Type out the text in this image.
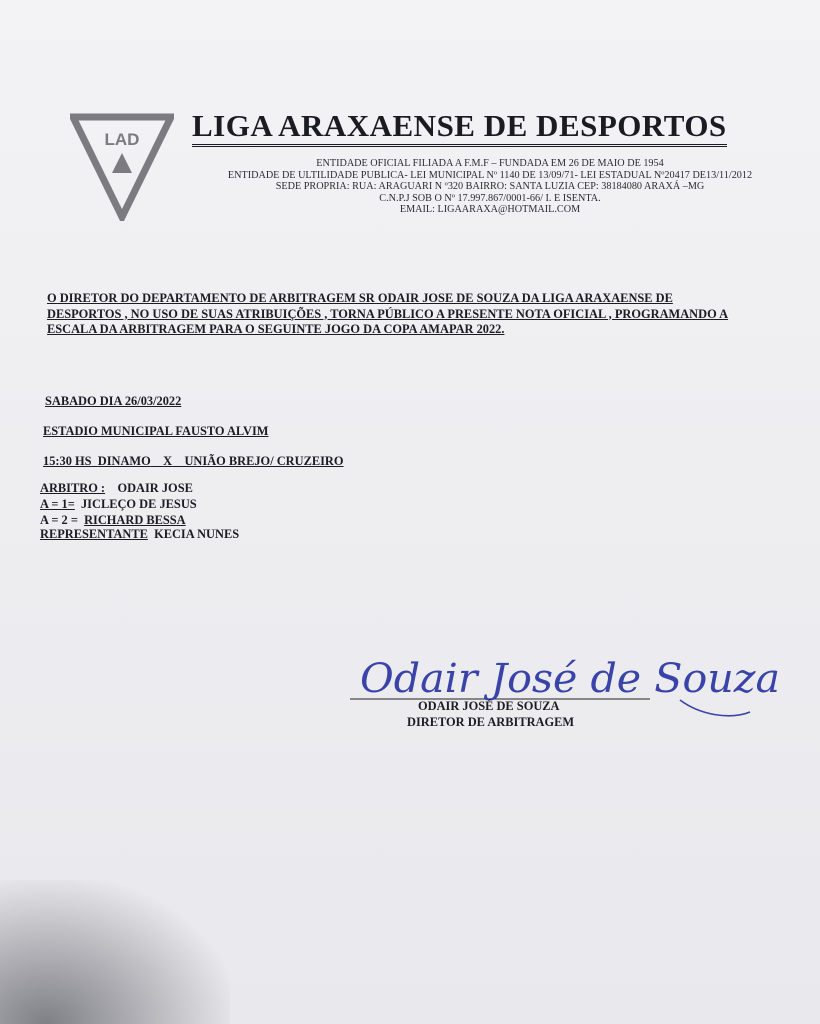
LAD LIGA ARAXAENSE DE DESPORTOS
ENTIDADE OFICIAL FILIADA A F.M.F – FUNDADA EM 26 DE MAIO DE 1954
ENTIDADE DE ULTILIDADE PUBLICA- LEI MUNICIPAL Nº 1140 DE 13/09/71- LEI ESTADUAL Nº20417 DE13/11/2012
SEDE PROPRIA: RUA: ARAGUARI N º320 BAIRRO: SANTA LUZIA CEP: 38184080 ARAXÁ –MG
C.N.P.J SOB O Nº 17.997.867/0001-66/ I. E ISENTA.
EMAIL: LIGAARAXA@HOTMAIL.COM
O DIRETOR DO DEPARTAMENTO DE ARBITRAGEM SR ODAIR JOSE DE SOUZA DA LIGA ARAXAENSE DE
DESPORTOS , NO USO DE SUAS ATRIBUIÇÕES , TORNA PÚBLICO A PRESENTE NOTA OFICIAL , PROGRAMANDO A
ESCALA DA ARBITRAGEM PARA O SEGUINTE JOGO DA COPA AMAPAR 2022.
SABADO DIA 26/03/2022
ESTADIO MUNICIPAL FAUSTO ALVIM
15:30 HS DINAMO X UNIÃO BREJO/ CRUZEIRO
ARBITRO : ODAIR JOSE
A = 1= JICLEÇO DE JESUS
A = 2 = RICHARD BESSA
REPRESENTANTE KECIA NUNES
Odair José de Souza
ODAIR JOSÉ DE SOUZA
DIRETOR DE ARBITRAGEM
